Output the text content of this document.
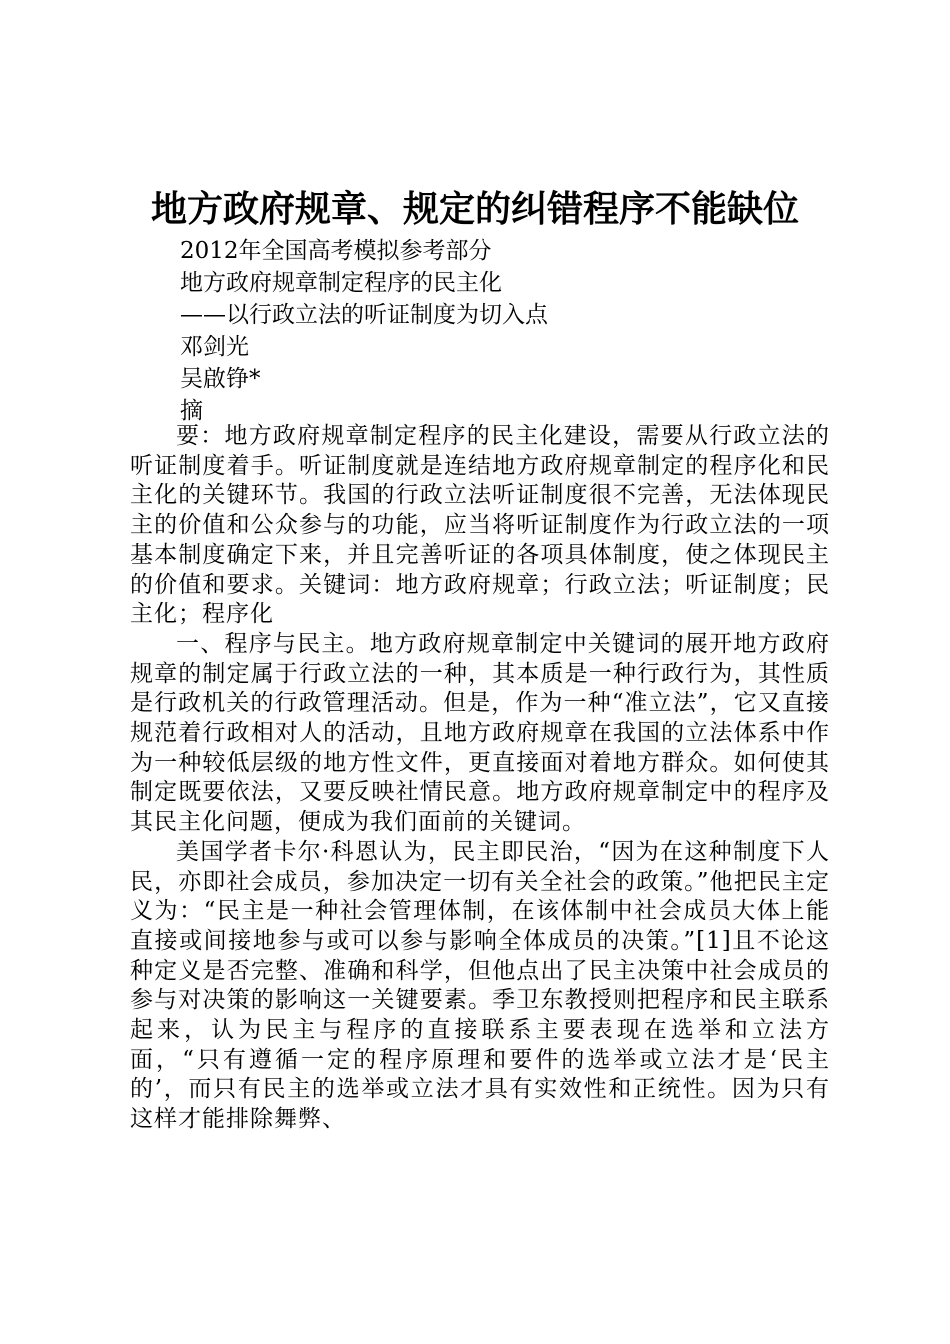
地方政府规章、规定的纠错程序不能缺位
2012年全国高考模拟参考部分
地方政府规章制定程序的民主化
——以行政立法的听证制度为切入点
邓剑光
吴啟铮*
摘

要：地方政府规章制定程序的民主化建设，需要从行政立法的听证制度着手。听证制度就是连结地方政府规章制定的程序化和民主化的关键环节。我国的行政立法听证制度很不完善，无法体现民主的价值和公众参与的功能，应当将听证制度作为行政立法的一项基本制度确定下来，并且完善听证的各项具体制度，使之体现民主的价值和要求。关键词：地方政府规章；行政立法；听证制度；民主化；程序化

一、程序与民主。地方政府规章制定中关键词的展开地方政府规章的制定属于行政立法的一种，其本质是一种行政行为，其性质是行政机关的行政管理活动。但是，作为一种“准立法”，它又直接规范着行政相对人的活动，且地方政府规章在我国的立法体系中作为一种较低层级的地方性文件，更直接面对着地方群众。如何使其制定既要依法，又要反映社情民意。地方政府规章制定中的程序及其民主化问题，便成为我们面前的关键词。

美国学者卡尔·科恩认为，民主即民治，“因为在这种制度下人民，亦即社会成员，参加决定一切有关全社会的政策。”他把民主定义为：“民主是一种社会管理体制，在该体制中社会成员大体上能直接或间接地参与或可以参与影响全体成员的决策。”[1]且不论这种定义是否完整、准确和科学，但他点出了民主决策中社会成员的参与对决策的影响这一关键要素。季卫东教授则把程序和民主联系起来，认为民主与程序的直接联系主要表现在选举和立法方面，“只有遵循一定的程序原理和要件的选举或立法才是‘民主的’，而只有民主的选举或立法才具有实效性和正统性。因为只有这样才能排除舞弊、
